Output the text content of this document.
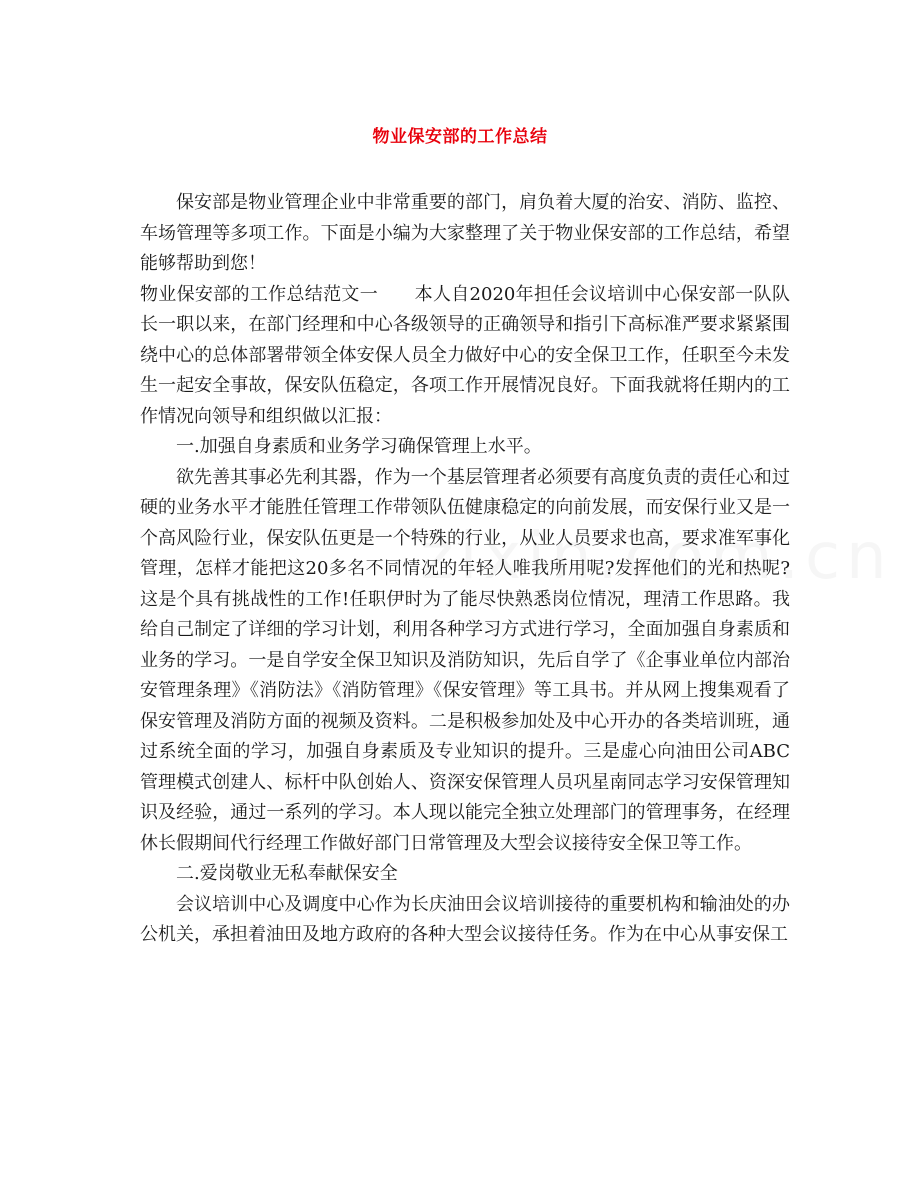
物业保安部的工作总结

保安部是物业管理企业中非常重要的部门，肩负着大厦的治安、消防、监控、车场管理等多项工作。下面是小编为大家整理了关于物业保安部的工作总结，希望能够帮助到您！

物业保安部的工作总结范文一　　本人自2020年担任会议培训中心保安部一队队长一职以来，在部门经理和中心各级领导的正确领导和指引下高标准严要求紧紧围绕中心的总体部署带领全体安保人员全力做好中心的安全保卫工作，任职至今未发生一起安全事故，保安队伍稳定，各项工作开展情况良好。下面我就将任期内的工作情况向领导和组织做以汇报：

一.加强自身素质和业务学习确保管理上水平。

欲先善其事必先利其器，作为一个基层管理者必须要有高度负责的责任心和过硬的业务水平才能胜任管理工作带领队伍健康稳定的向前发展，而安保行业又是一个高风险行业，保安队伍更是一个特殊的行业，从业人员要求也高，要求准军事化管理，怎样才能把这20多名不同情况的年轻人唯我所用呢?发挥他们的光和热呢?这是个具有挑战性的工作!任职伊时为了能尽快熟悉岗位情况，理清工作思路。我给自己制定了详细的学习计划，利用各种学习方式进行学习，全面加强自身素质和业务的学习。一是自学安全保卫知识及消防知识，先后自学了《企事业单位内部治安管理条理》《消防法》《消防管理》《保安管理》等工具书。并从网上搜集观看了保安管理及消防方面的视频及资料。二是积极参加处及中心开办的各类培训班，通过系统全面的学习，加强自身素质及专业知识的提升。三是虚心向油田公司ABC管理模式创建人、标杆中队创始人、资深安保管理人员巩星南同志学习安保管理知识及经验，通过一系列的学习。本人现以能完全独立处理部门的管理事务，在经理休长假期间代行经理工作做好部门日常管理及大型会议接待安全保卫等工作。

二.爱岗敬业无私奉献保安全

会议培训中心及调度中心作为长庆油田会议培训接待的重要机构和输油处的办公机关，承担着油田及地方政府的各种大型会议接待任务。作为在中心从事安保工
